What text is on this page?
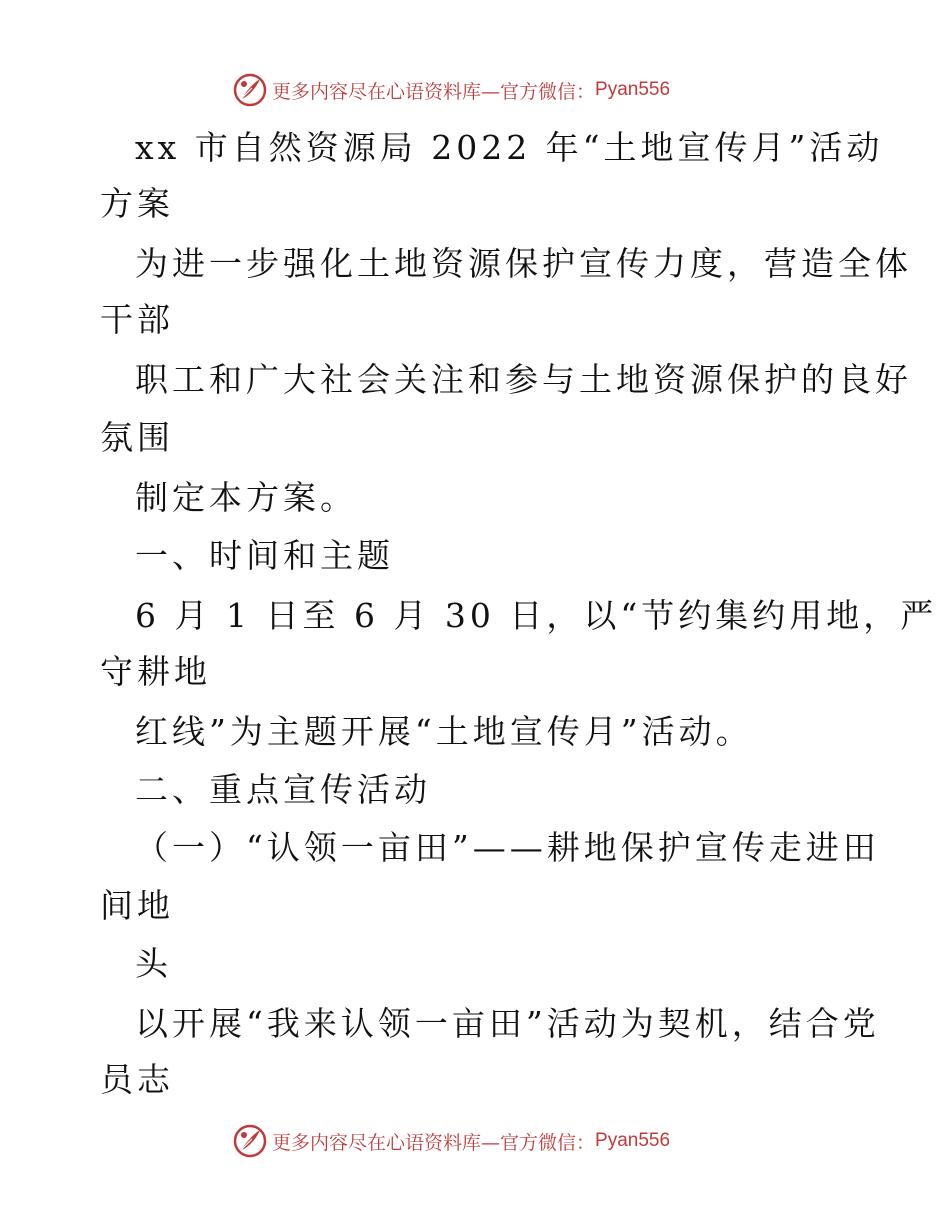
更多内容尽在心语资料库—官方微信： Pyan556
xx 市自然资源局 2022 年“土地宣传月”活动
方案
为进一步强化土地资源保护宣传力度，营造全体
干部
职工和广大社会关注和参与土地资源保护的良好
氛围
制定本方案。
一、时间和主题
6 月 1 日至 6 月 30 日，以“节约集约用地，严
守耕地
红线”为主题开展“土地宣传月”活动。
二、重点宣传活动
（一）“认领一亩田”——耕地保护宣传走进田
间地
头
以开展“我来认领一亩田”活动为契机，结合党
员志
更多内容尽在心语资料库—官方微信： Pyan556
